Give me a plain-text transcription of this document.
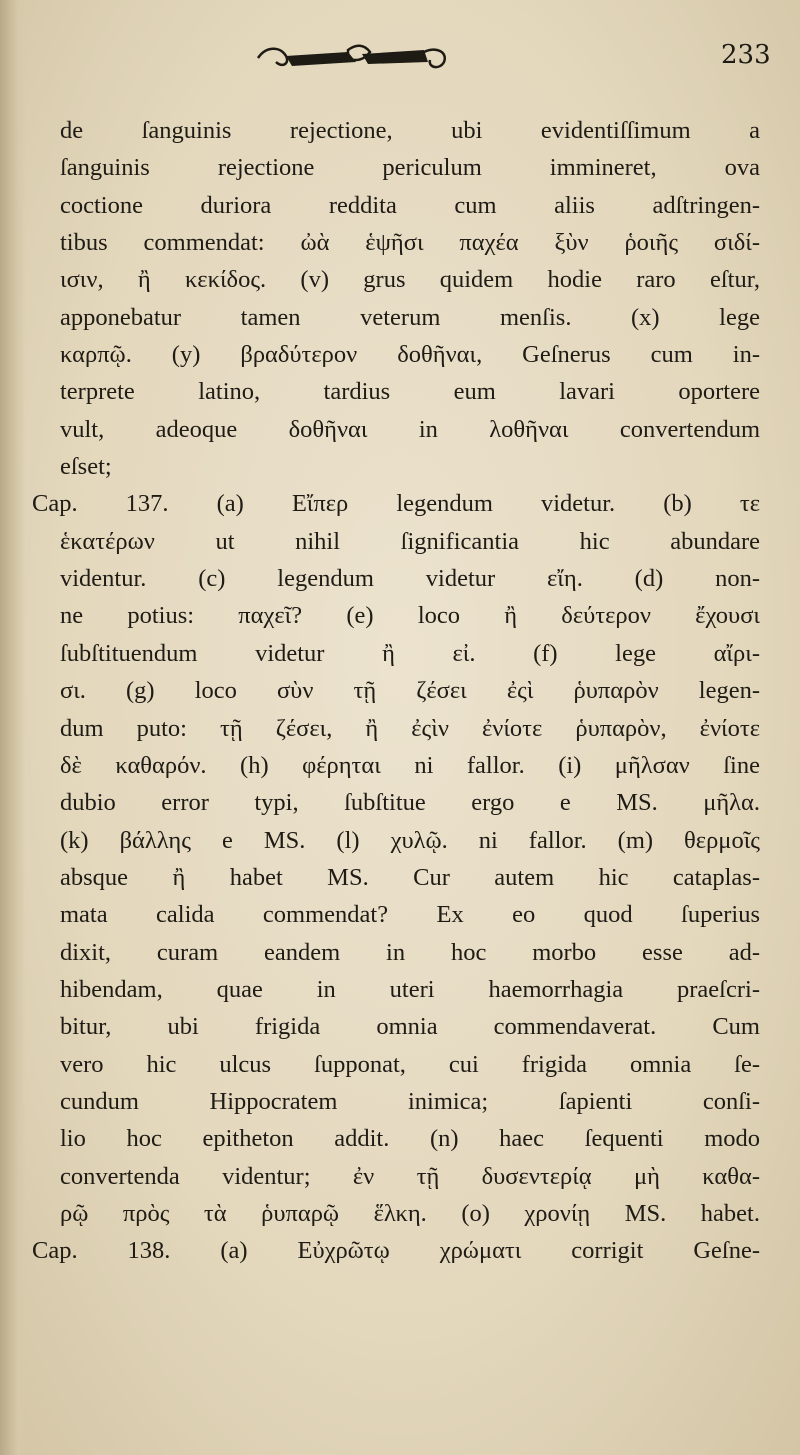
233
de ſanguinis rejectione, ubi evidentiſſimum a
ſanguinis rejectione periculum immineret, ova
coctione duriora reddita cum aliis adſtringen-
tibus commendat: ὠὰ ἑψῆσι παχέα ξὺν ῥοιῆς σιδί-
ισιν, ἢ κεκίδος. (v) grus quidem hodie raro eſtur,
apponebatur tamen veterum menſis. (x) lege
καρπῷ. (y) βραδύτερον δοθῆναι, Geſnerus cum in-
terprete latino, tardius eum lavari oportere
vult, adeoque δοθῆναι in λοθῆναι convertendum
eſset;
Cap. 137. (a) Εἴπερ legendum videtur. (b) τε
ἑκατέρων ut nihil ſignificantia hic abundare
videntur. (c) legendum videtur εἴη. (d) non-
ne potius: παχεῖ? (e) loco ἢ δεύτερον ἔχουσι
ſubſtituendum videtur ἢ εἰ. (f) lege αἴρι-
σι. (g) loco σὺν τῇ ζέσει ἐςὶ ῥυπαρὸν legen-
dum puto: τῇ ζέσει, ἢ ἐςὶν ἐνίοτε ῥυπαρὸν, ἐνίοτε
δὲ καθαρόν. (h) φέρηται ni fallor. (i) μῆλσαν ſine
dubio error typi, ſubſtitue ergo e MS. μῆλα.
(k) βάλλης e MS. (l) χυλῷ. ni fallor. (m) θερμοῖς
absque ἢ habet MS. Cur autem hic cataplas-
mata calida commendat? Ex eo quod ſuperius
dixit, curam eandem in hoc morbo esse ad-
hibendam, quae in uteri haemorrhagia praeſcri-
bitur, ubi frigida omnia commendaverat. Cum
vero hic ulcus ſupponat, cui frigida omnia ſe-
cundum Hippocratem inimica; ſapienti conſi-
lio hoc epitheton addit. (n) haec ſequenti modo
convertenda videntur; ἐν τῇ δυσεντερίᾳ μὴ καθα-
ρῷ πρὸς τὰ ῥυπαρῷ ἕλκη. (o) χρονίῃ MS. habet.
Cap. 138. (a) Εὐχρῶτῳ χρώματι corrigit Geſne-
